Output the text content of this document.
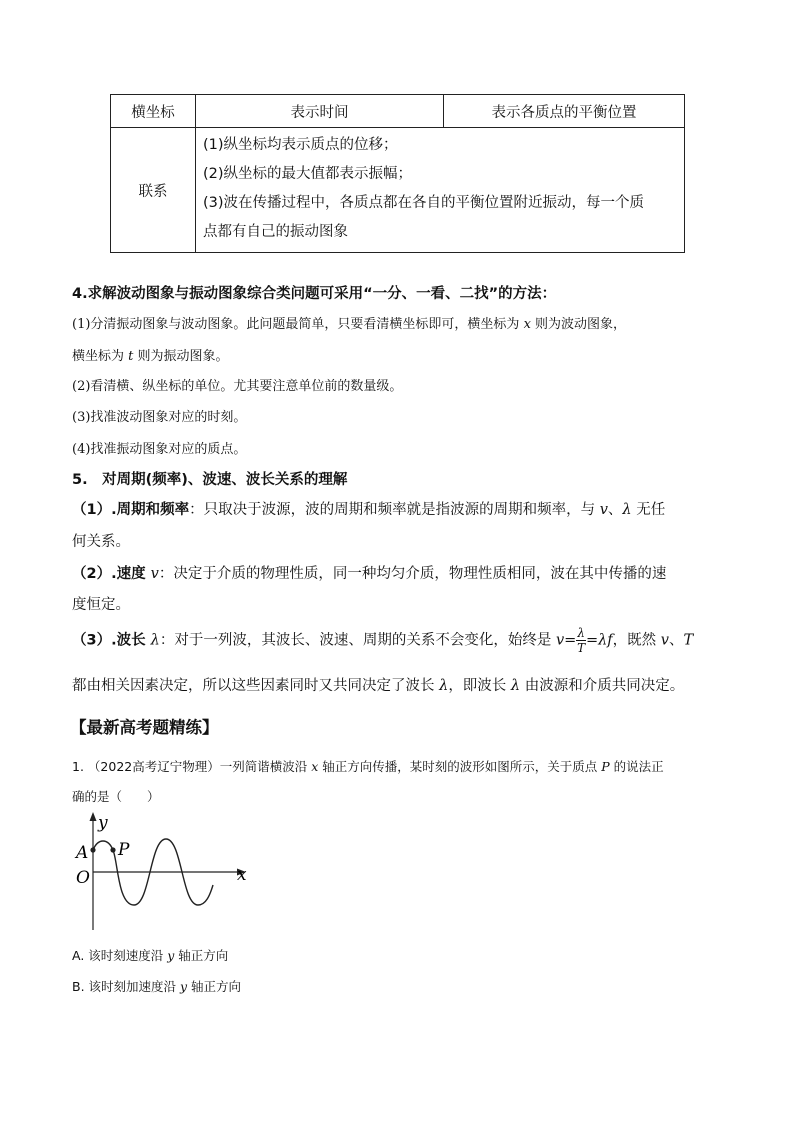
横坐标	表示时间	表示各质点的平衡位置
联系	(1)纵坐标均表示质点的位移；
(2)纵坐标的最大值都表示振幅；
(3)波在传播过程中，各质点都在各自的平衡位置附近振动，每一个质
点都有自己的振动图象	
4.求解波动图象与振动图象综合类问题可采用“一分、一看、二找”的方法：
(1)分清振动图象与波动图象。此问题最简单，只要看清横坐标即可，横坐标为 x 则为波动图象，
横坐标为 t 则为振动图象。
(2)看清横、纵坐标的单位。尤其要注意单位前的数量级。
(3)找准波动图象对应的时刻。
(4)找准振动图象对应的质点。
5.　对周期(频率)、波速、波长关系的理解
（1）.周期和频率：只取决于波源，波的周期和频率就是指波源的周期和频率，与 v、λ 无任
何关系。
（2）.速度 v：决定于介质的物理性质，同一种均匀介质，物理性质相同，波在其中传播的速
度恒定。
（3）.波长 λ：对于一列波，其波长、波速、周期的关系不会变化，始终是 $v= \frac{\lambda}{T} =\lambda f$，既然 v、T
都由相关因素决定，所以这些因素同时又共同决定了波长 λ，即波长 λ 由波源和介质共同决定。
【最新高考题精练】
1. （2022高考辽宁物理）一列简谐横波沿 x 轴正方向传播，某时刻的波形如图所示，关于质点 P 的说法正
确的是（　　）
y
x
O
A P
A. 该时刻速度沿 y 轴正方向
B. 该时刻加速度沿 y 轴正方向
